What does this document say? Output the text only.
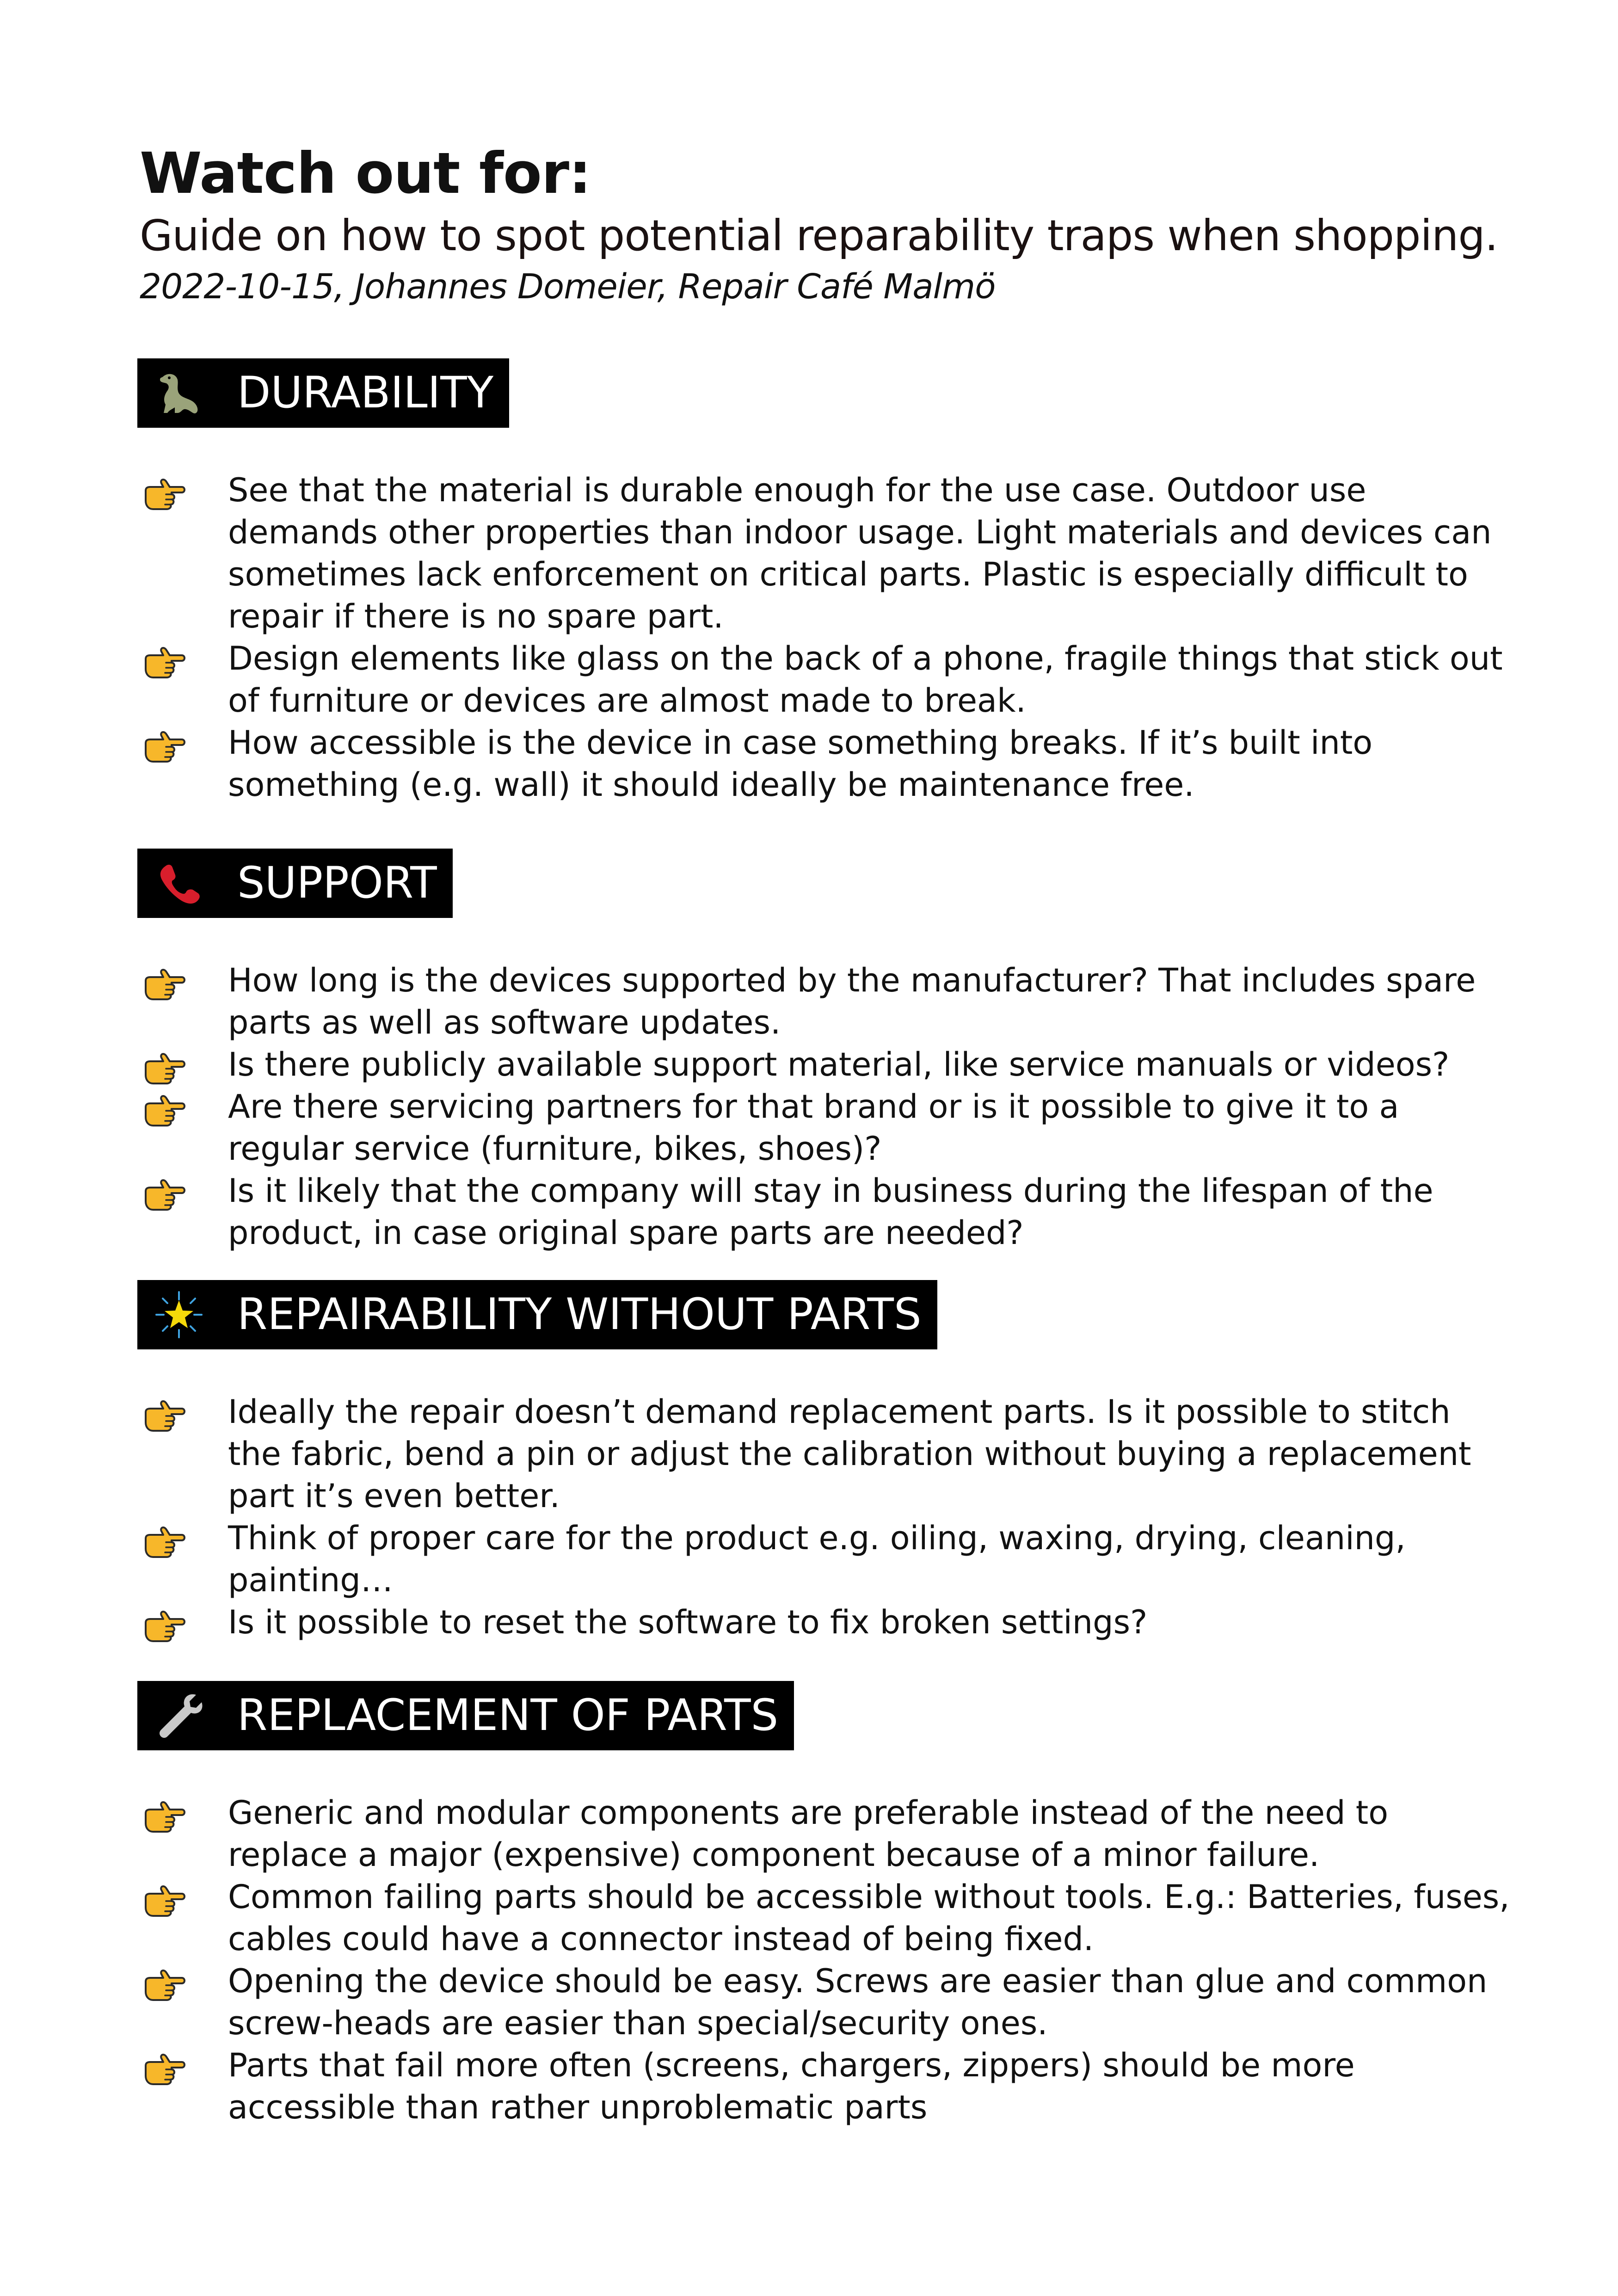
Watch out for:

Guide on how to spot potential reparability traps when shopping.

2022-10-15, Johannes Domeier, Repair Café Malmö

DURABILITY
See that the material is durable enough for the use case. Outdoor use demands other properties than indoor usage. Light materials and devices can sometimes lack enforcement on critical parts. Plastic is especially difficult to repair if there is no spare part.
Design elements like glass on the back of a phone, fragile things that stick out of furniture or devices are almost made to break.
How accessible is the device in case something breaks. If it’s built into something (e.g. wall) it should ideally be maintenance free.
SUPPORT
How long is the devices supported by the manufacturer? That includes spare parts as well as software updates.
Is there publicly available support material, like service manuals or videos?
Are there servicing partners for that brand or is it possible to give it to a regular service (furniture, bikes, shoes)?
Is it likely that the company will stay in business during the lifespan of the product, in case original spare parts are needed?
REPAIRABILITY WITHOUT PARTS
Ideally the repair doesn’t demand replacement parts. Is it possible to stitch the fabric, bend a pin or adjust the calibration without buying a replacement part it’s even better.
Think of proper care for the product e.g. oiling, waxing, drying, cleaning, painting…
Is it possible to reset the software to fix broken settings?
REPLACEMENT OF PARTS
Generic and modular components are preferable instead of the need to replace a major (expensive) component because of a minor failure.
Common failing parts should be accessible without tools. E.g.: Batteries, fuses, cables could have a connector instead of being fixed.
Opening the device should be easy. Screws are easier than glue and common screw-heads are easier than special/security ones.
Parts that fail more often (screens, chargers, zippers) should be more accessible than rather unproblematic parts
